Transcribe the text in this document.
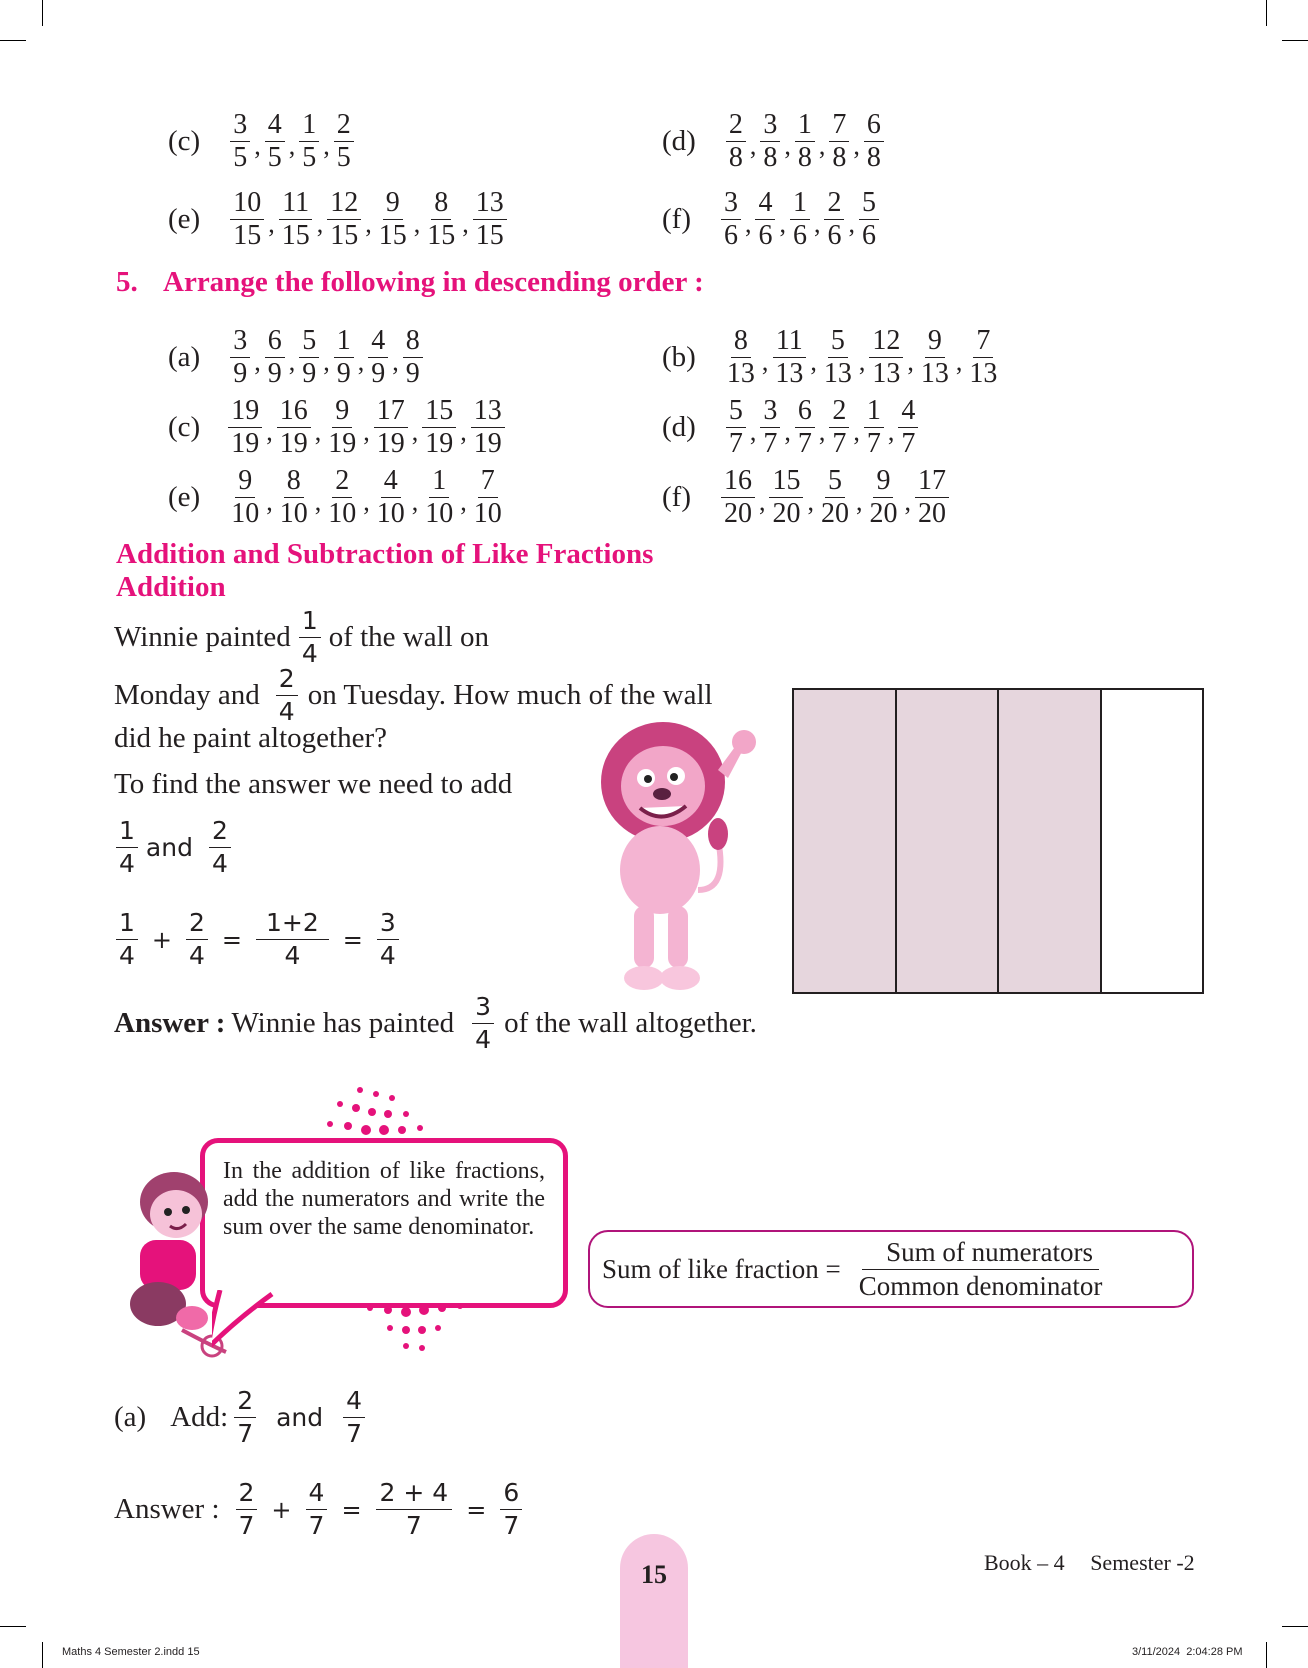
$(c) \frac{3}{5}$ , $\frac{4}{5}$ , $\frac{1}{5}$ , $\frac{2}{5}$	$(d) \frac{2}{8}$ , $\frac{3}{8}$ , $\frac{1}{8}$ , $\frac{7}{8}$ , $\frac{6}{8}$
$(e) \frac{10}{15}$ , $\frac{11}{15}$ , $\frac{12}{15}$ , $\frac{9}{15}$ , $\frac{8}{15}$ , $\frac{13}{15}$	$(f) \frac{3}{6}$ , $\frac{4}{6}$ , $\frac{1}{6}$ , $\frac{2}{6}$ , $\frac{5}{6}$
5. Arrange the following in descending order :
$(a) \frac{3}{9}$ , $\frac{6}{9}$ , $\frac{5}{9}$ , $\frac{1}{9}$ , $\frac{4}{9}$ , $\frac{8}{9}$	$(b) \frac{8}{13}$ , $\frac{11}{13}$ , $\frac{5}{13}$ , $\frac{12}{13}$ , $\frac{9}{13}$ , $\frac{7}{13}$
$(c) \frac{19}{19}$ , $\frac{16}{19}$ , $\frac{9}{19}$ , $\frac{17}{19}$ , $\frac{15}{19}$ , $\frac{13}{19}$	$(d) \frac{5}{7}$ , $\frac{3}{7}$ , $\frac{6}{7}$ , $\frac{2}{7}$ , $\frac{1}{7}$ , $\frac{4}{7}$
$(e) \frac{9}{10}$ , $\frac{8}{10}$ , $\frac{2}{10}$ , $\frac{4}{10}$ , $\frac{1}{10}$ , $\frac{7}{10}$	$(f) \frac{16}{20}$ , $\frac{15}{20}$ , $\frac{5}{20}$ , $\frac{9}{20}$ , $\frac{17}{20}$
Addition and Subtraction of Like Fractions
Addition
Winnie painted $\frac{1}{4}$ of the wall on
Monday and $\frac{2}{4}$ on Tuesday. How much of the wall
did he paint altogether?
To find the answer we need to add
$\frac{1}{4}$ and $\frac{2}{4}$
$\frac{1}{4} + \frac{2}{4} = \frac{1+2}{4} = \frac{3}{4}$
Answer : Winnie has painted $\frac{3}{4}$ of the wall altogether.

In the addition of like fractions, add the numerators and write the sum over the same denominator.

Sum of like fraction = $\frac{\text{Sum of numerators}}{\text{Common denominator}}$
(a) Add: $\frac{2}{7}$ and $\frac{4}{7}$
Answer : $\frac{2}{7} + \frac{4}{7} = \frac{2 + 4}{7} = \frac{6}{7}$
15	Book – 4 Semester -2
Maths 4 Semester 2.indd 15	3/11/2024  2:04:28 PM
